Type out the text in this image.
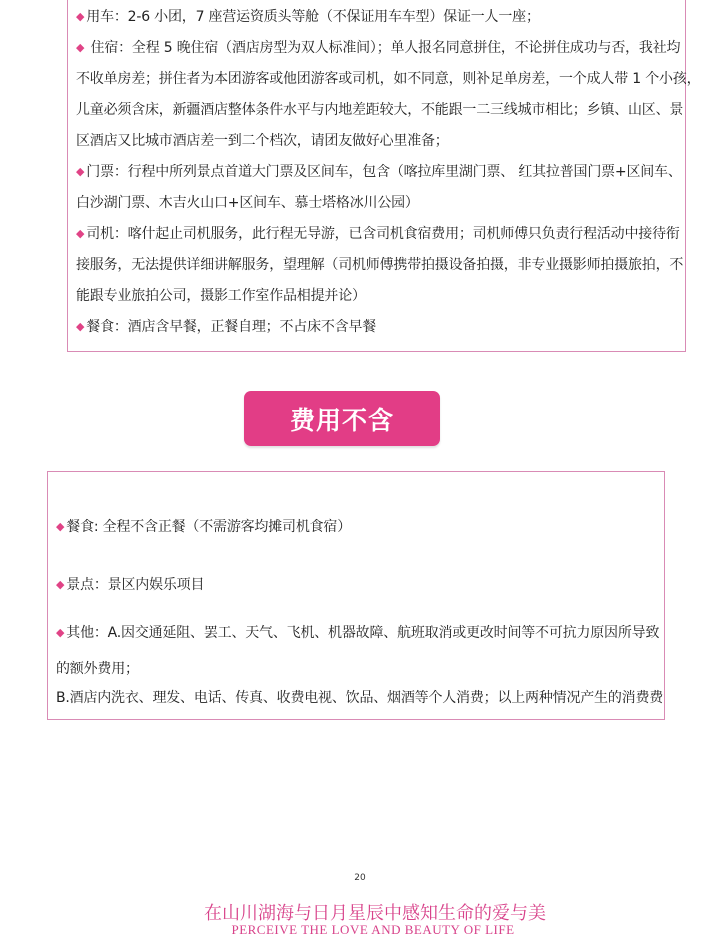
◆ 用车：2-6 小团，7 座营运资质头等舱（不保证用车车型）保证一人一座；
◆ 住宿：全程 5 晚住宿（酒店房型为双人标准间）；单人报名同意拼住，不论拼住成功与否，我社均
不收单房差；拼住者为本团游客或他团游客或司机，如不同意，则补足单房差，一个成人带 1 个小孩，
儿童必须含床，新疆酒店整体条件水平与内地差距较大，不能跟一二三线城市相比；乡镇、山区、景
区酒店又比城市酒店差一到二个档次，请团友做好心里准备；
◆ 门票：行程中所列景点首道大门票及区间车，包含（喀拉库里湖门票、 红其拉普国门票+区间车、
白沙湖门票、木吉火山口+区间车、慕士塔格冰川公园）
◆ 司机：喀什起止司机服务，此行程无导游，已含司机食宿费用；司机师傅只负责行程活动中接待衔
接服务，无法提供详细讲解服务，望理解（司机师傅携带拍摄设备拍摄，非专业摄影师拍摄旅拍，不
能跟专业旅拍公司，摄影工作室作品相提并论）
◆ 餐食：酒店含早餐，正餐自理；不占床不含早餐
费用不含
◆ 餐食: 全程不含正餐（不需游客均摊司机食宿）
◆ 景点：景区内娱乐项目
◆ 其他：A.因交通延阻、罢工、天气、飞机、机器故障、航班取消或更改时间等不可抗力原因所导致
的额外费用；
B.酒店内洗衣、理发、电话、传真、收费电视、饮品、烟酒等个人消费；以上两种情况产生的消费费
20
在山川湖海与日月星辰中感知生命的爱与美
PERCEIVE THE LOVE AND BEAUTY OF LIFE
